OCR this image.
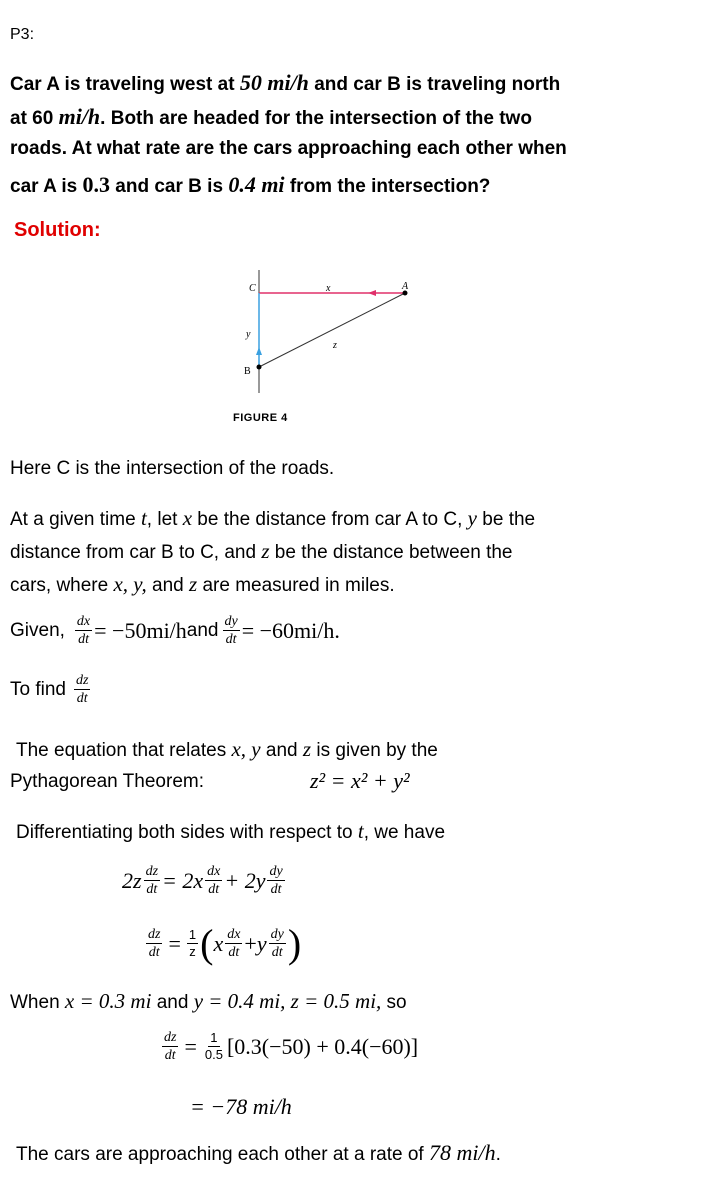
P3:
Car A is traveling west at 50 mi/h and car B is traveling north
at 60 mi/h. Both are headed for the intersection of the two
roads. At what rate are the cars approaching each other when
car A is 0.3 and car B is 0.4 mi from the intersection?
Solution:
C	x	A
y
z
B
FIGURE 4
Here C is the intersection of the roads.
At a given time t, let x be the distance from car A to C, y be the
distance from car B to C, and z be the distance between the
cars, where x, y, and z are measured in miles.
Given, $\frac{dx}{dt} = -50mi/h$ and $\frac{dy}{dt} = -60mi/h$.
To find $\frac{dz}{dt}$
The equation that relates x, y and z is given by the
Pythagorean Theorem:	z² = x² + y²
Differentiating both sides with respect to t, we have
$2z \frac{dz}{dt} = 2x \frac{dx}{dt} + 2y \frac{dy}{dt}$
$\frac{dz}{dt} = \frac{1}{z}$ ( x $\frac{dx}{dt} + y \frac{dy}{dt}$ )
When x = 0.3 mi and y = 0.4 mi, z = 0.5 mi, so
$\frac{dz}{dt} = \frac{1}{0.5} [0.3(-50) + 0.4(-60)]$
= −78 mi/h
The cars are approaching each other at a rate of 78 mi/h.
